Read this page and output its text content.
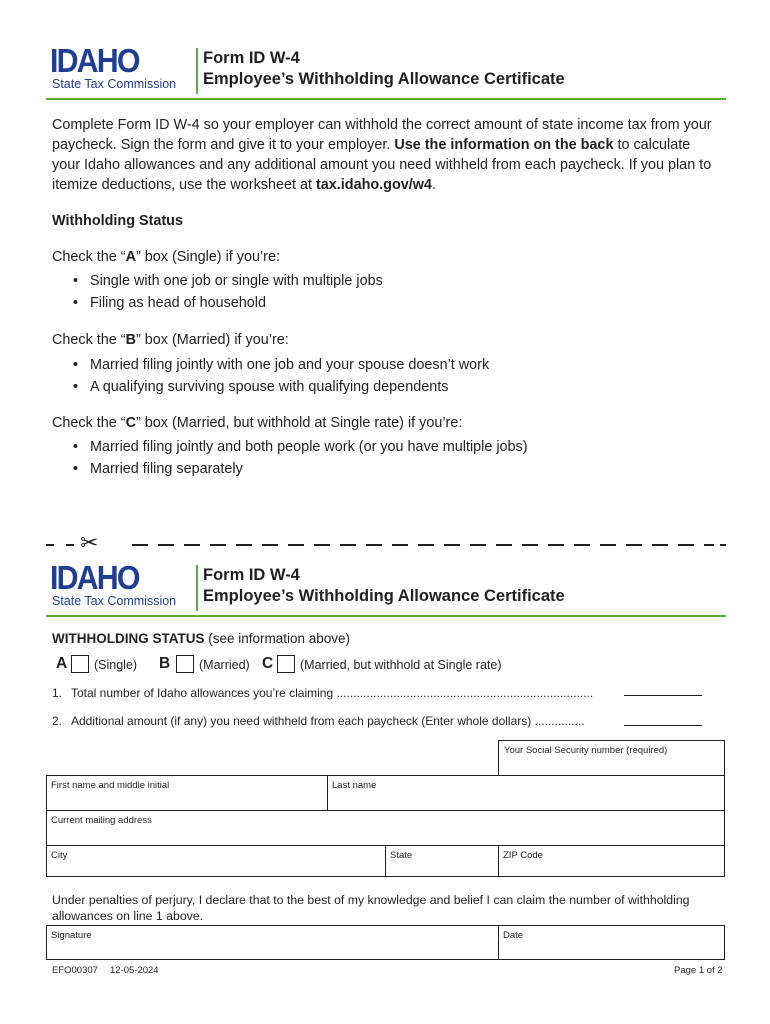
IDAHO
State Tax Commission
Form ID W-4
Employee’s Withholding Allowance Certificate
Complete Form ID W-4 so your employer can withhold the correct amount of state income tax from your paycheck. Sign the form and give it to your employer. Use the information on the back to calculate your Idaho allowances and any additional amount you need withheld from each paycheck. If you plan to itemize deductions, use the worksheet at tax.idaho.gov/w4.
Withholding Status
Check the “A” box (Single) if you’re:
• Single with one job or single with multiple jobs
• Filing as head of household
Check the “B” box (Married) if you’re:
• Married filing jointly with one job and your spouse doesn’t work
• A qualifying surviving spouse with qualifying dependents
Check the “C” box (Married, but withhold at Single rate) if you’re:
• Married filing jointly and both people work (or you have multiple jobs)
• Married filing separately
✂
IDAHO
State Tax Commission
Form ID W-4
Employee’s Withholding Allowance Certificate
WITHHOLDING STATUS (see information above)
A (Single) B (Married) C (Married, but withhold at Single rate)
1. Total number of Idaho allowances you’re claiming .............................................................................
2. Additional amount (if any) you need withheld from each paycheck (Enter whole dollars) ...............
Your Social Security number (required)
First name and middle initial	Last name
Current mailing address
City	State	ZIP Code
Under penalties of perjury, I declare that to the best of my knowledge and belief I can claim the number of withholding allowances on line 1 above.
Signature	Date
EFO00307 12-05-2024	Page 1 of 2
